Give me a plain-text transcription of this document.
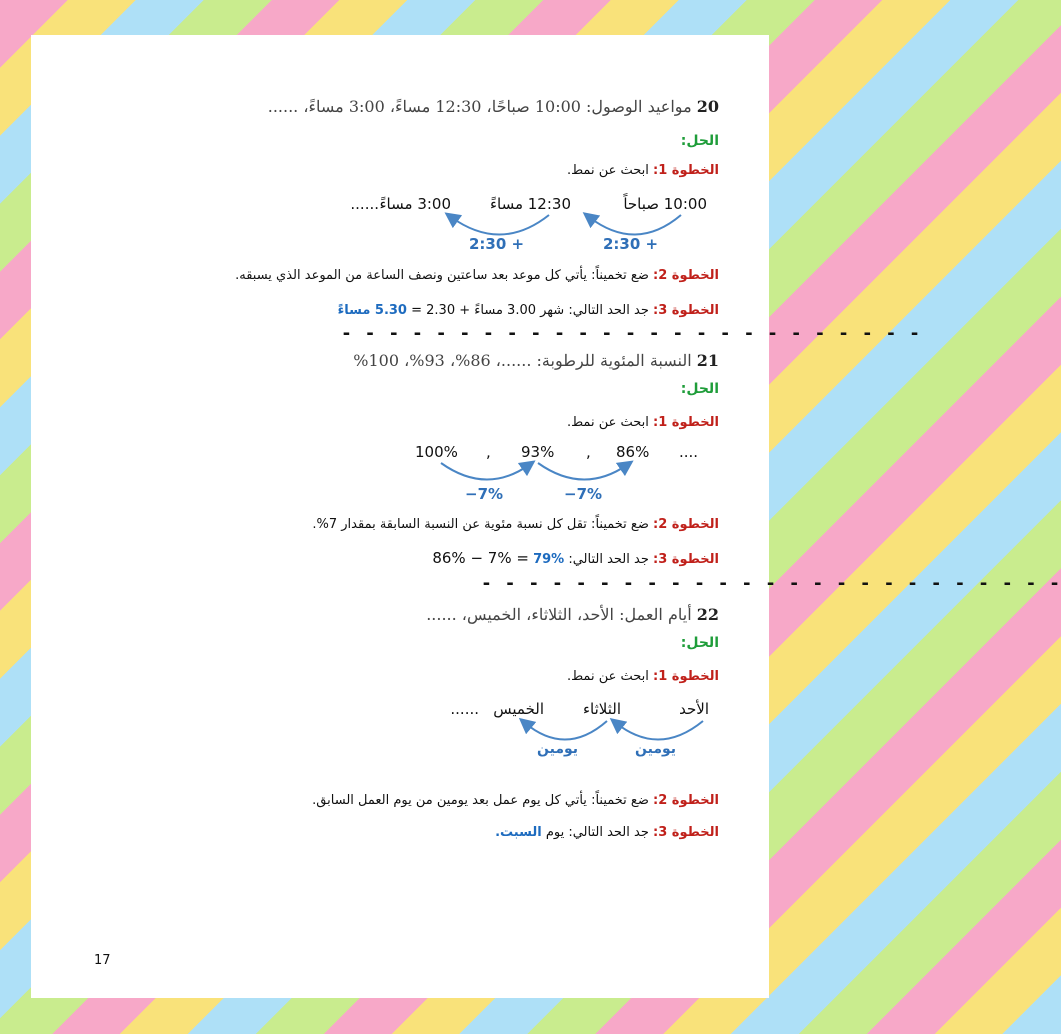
20 مواعيد الوصول: 10:00 صباحًا، 12:30 مساءً، 3:00 مساءً، ......
الحل:
الخطوة 1: ابحث عن نمط.
10:00 صباحاً
12:30 مساءً
3:00 مساءً
......
2:30 +
2:30 +
الخطوة 2: ضع تخميناً: يأتي كل موعد بعد ساعتين ونصف الساعة من الموعد الذي يسبقه.
الخطوة 3: جد الحد التالي: شهر 3.00 مساءً + 2.30 = 5.30 مساءً
- - - - - - - - - - - - - - - - - - - - - - - - -
21 النسبة المئوية للرطوبة: ......، 86%، 93%، 100%
الحل:
الخطوة 1: ابحث عن نمط.
100% , 93% , 86% ....
−7%	−7%
الخطوة 2: ضع تخميناً: تقل كل نسبة مئوية عن النسبة السابقة بمقدار 7%.
الخطوة 3: جد الحد التالي: 79% 86% − 7% =
- - - - - - - - - - - - - - - - - - - - - - - - -
22 أيام العمل: الأحد، الثلاثاء، الخميس، ......
الحل:
الخطوة 1: ابحث عن نمط.
الأحد
الثلاثاء
الخميس
......
يومين
يومين
الخطوة 2: ضع تخميناً: يأتي كل يوم عمل بعد يومين من يوم العمل السابق.
الخطوة 3: جد الحد التالي: يوم السبت.
17
